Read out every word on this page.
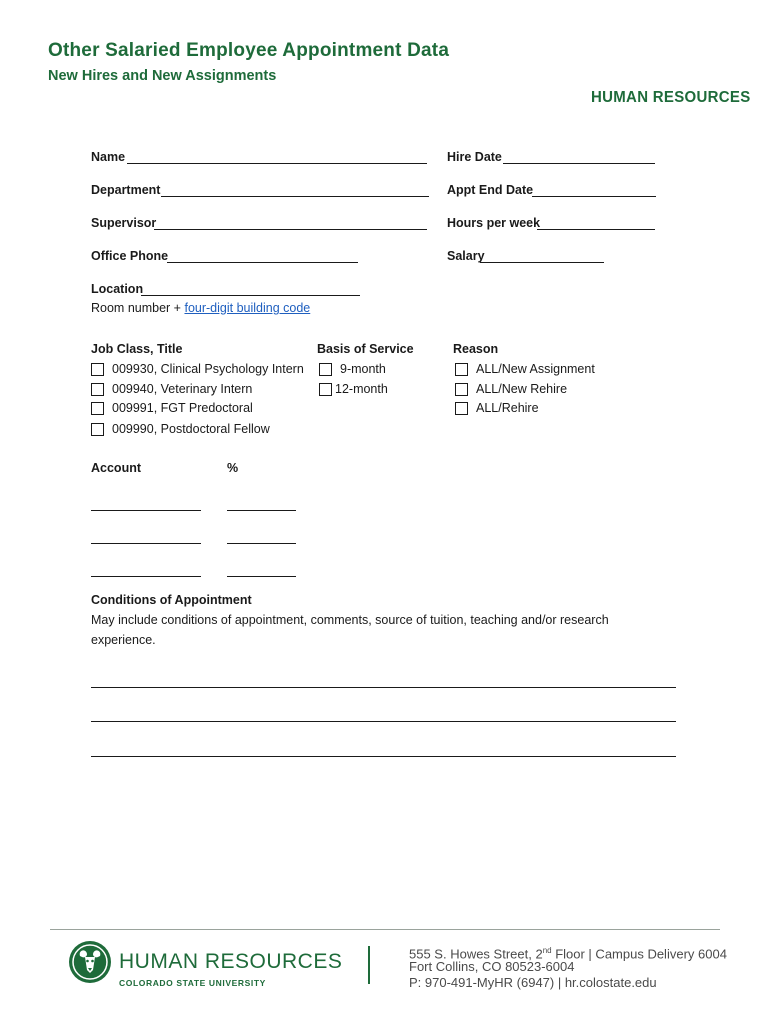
Other Salaried Employee Appointment Data
New Hires and New Assignments
HUMAN RESOURCES
Name	Hire Date
Department	Appt End Date
Supervisor	Hours per week
Office Phone	Salary
Location
Room number + four-digit building code
Job Class, Title
009930, Clinical Psychology Intern
009940, Veterinary Intern
009991, FGT Predoctoral
009990, Postdoctoral Fellow
Basis of Service
9-month
12-month
Reason
ALL/New Assignment
ALL/New Rehire
ALL/Rehire
Account	%
Conditions of Appointment
May include conditions of appointment, comments, source of tuition, teaching and/or research
experience.
HUMAN RESOURCES
COLORADO STATE UNIVERSITY
555 S. Howes Street, 2nd Floor | Campus Delivery 6004
Fort Collins, CO 80523-6004
P: 970-491-MyHR (6947) | hr.colostate.edu
